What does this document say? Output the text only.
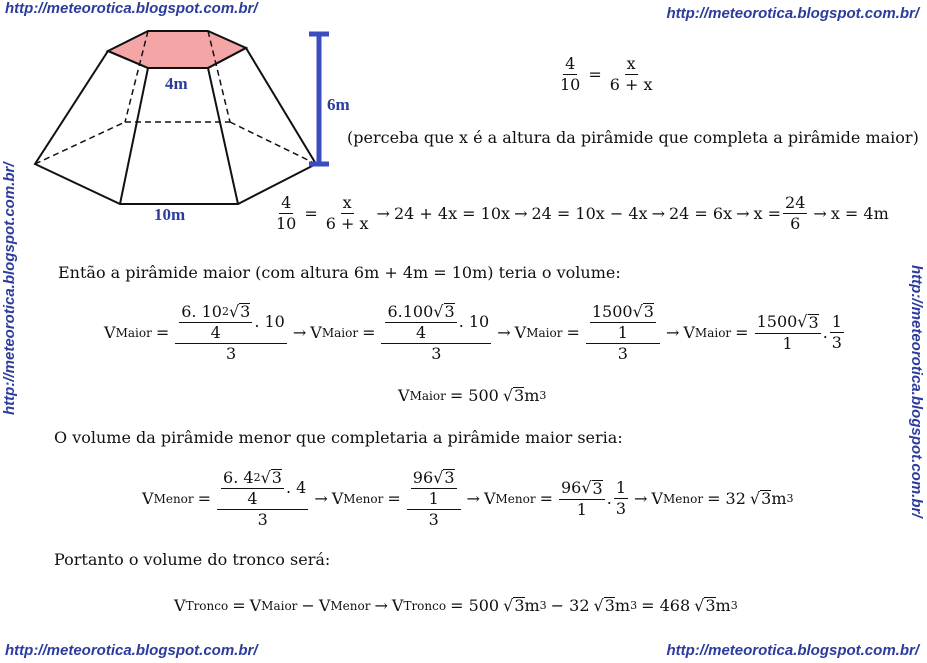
http://meteorotica.blogspot.com.br/	http://meteorotica.blogspot.com.br/
http://meteorotica.blogspot.com.br/	http://meteorotica.blogspot.com.br/
http://meteorotica.blogspot.com.br/	http://meteorotica.blogspot.com.br/
4m
6m
10m
$\frac{4}{10} = \frac{x}{6 + x}$
(perceba que x é a altura da pirâmide que completa a pirâmide maior)
$\frac{4}{10} = \frac{x}{6 + x} \to 24 + 4x = 10x \to 24 = 10x - 4x \to 24 = 6x \to x = \frac{24}{6} \to x = 4m$
Então a pirâmide maior (com altura 6m + 4m = 10m) teria o volume:
V Maior = $\frac{\frac{6. 10 2 √ 3}{4} . 10}{3} \to V$ Maior = $\frac{\frac{6.100 √ 3}{4} . 10}{3} \to V$ Maior = $\frac{\frac{1500 √ 3}{1}}{3} \to V$ Maior = $\frac{1500 √ 3}{1}$ . $\frac{1}{3}$
V Maior = 500 √ 3 m 3
O volume da pirâmide menor que completaria a pirâmide maior seria:
V Menor = $\frac{\frac{6. 4 2 √ 3}{4} . 4}{3} \to V$ Menor = $\frac{\frac{96 √ 3}{1}}{3} \to V$ Menor = $\frac{96 √ 3}{1}$ . $\frac{1}{3} \to V$ Menor = 32 √ 3 m 3
Portanto o volume do tronco será:
V Tronco = V Maior − V Menor → V Tronco = 500 √ 3 m 3 − 32 √ 3 m 3 = 468 √ 3 m 3
